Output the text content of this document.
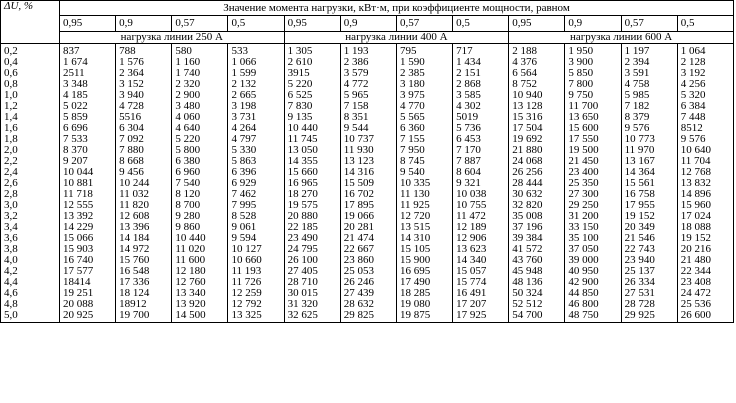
ΔU, %	Значение момента нагрузки, кВт·м, при коэффициенте мощности, равном											
	0,95	0,9	0,57	0,5	0,95	0,9	0,57	0,5	0,95	0,9	0,57	0,5
	нагрузка линии 250 А				нагрузка линии 400 А				нагрузка линии 600 А			
0,2	837	788	580	533	1 305	1 193	795	717	2 188	1 950	1 197	1 064
0,4	1 674	1 576	1 160	1 066	2 610	2 386	1 590	1 434	4 376	3 900	2 394	2 128
0,6	2511	2 364	1 740	1 599	3915	3 579	2 385	2 151	6 564	5 850	3 591	3 192
0,8	3 348	3 152	2 320	2 132	5 220	4 772	3 180	2 868	8 752	7 800	4 758	4 256
1,0	4 185	3 940	2 900	2 665	6 525	5 965	3 975	3 585	10 940	9 750	5 985	5 320
1,2	5 022	4 728	3 480	3 198	7 830	7 158	4 770	4 302	13 128	11 700	7 182	6 384
1,4	5 859	5516	4 060	3 731	9 135	8 351	5 565	5019	15 316	13 650	8 379	7 448
1,6	6 696	6 304	4 640	4 264	10 440	9 544	6 360	5 736	17 504	15 600	9 576	8512
1,8	7 533	7 092	5 220	4 797	11 745	10 737	7 155	6 453	19 692	17 550	10 773	9 576
2,0	8 370	7 880	5 800	5 330	13 050	11 930	7 950	7 170	21 880	19 500	11 970	10 640
2,2	9 207	8 668	6 380	5 863	14 355	13 123	8 745	7 887	24 068	21 450	13 167	11 704
2,4	10 044	9 456	6 960	6 396	15 660	14 316	9 540	8 604	26 256	23 400	14 364	12 768
2,6	10 881	10 244	7 540	6 929	16 965	15 509	10 335	9 321	28 444	25 350	15 561	13 832
2,8	11 718	11 032	8 120	7 462	18 270	16 702	11 130	10 038	30 632	27 300	16 758	14 896
3,0	12 555	11 820	8 700	7 995	19 575	17 895	11 925	10 755	32 820	29 250	17 955	15 960
3,2	13 392	12 608	9 280	8 528	20 880	19 066	12 720	11 472	35 008	31 200	19 152	17 024
3,4	14 229	13 396	9 860	9 061	22 185	20 281	13 515	12 189	37 196	33 150	20 349	18 088
3,6	15 066	14 184	10 440	9 594	23 490	21 474	14 310	12 906	39 384	35 100	21 546	19 152
3,8	15 903	14 972	11 020	10 127	24 795	22 667	15 105	13 623	41 572	37 050	22 743	20 216
4,0	16 740	15 760	11 600	10 660	26 100	23 860	15 900	14 340	43 760	39 000	23 940	21 480
4,2	17 577	16 548	12 180	11 193	27 405	25 053	16 695	15 057	45 948	40 950	25 137	22 344
4,4	18414	17 336	12 760	11 726	28 710	26 246	17 490	15 774	48 136	42 900	26 334	23 408
4,6	19 251	18 124	13 340	12 259	30 015	27 439	18 285	16 491	50 324	44 850	27 531	24 472
4,8	20 088	18912	13 920	12 792	31 320	28 632	19 080	17 207	52 512	46 800	28 728	25 536
5,0	20 925	19 700	14 500	13 325	32 625	29 825	19 875	17 925	54 700	48 750	29 925	26 600
